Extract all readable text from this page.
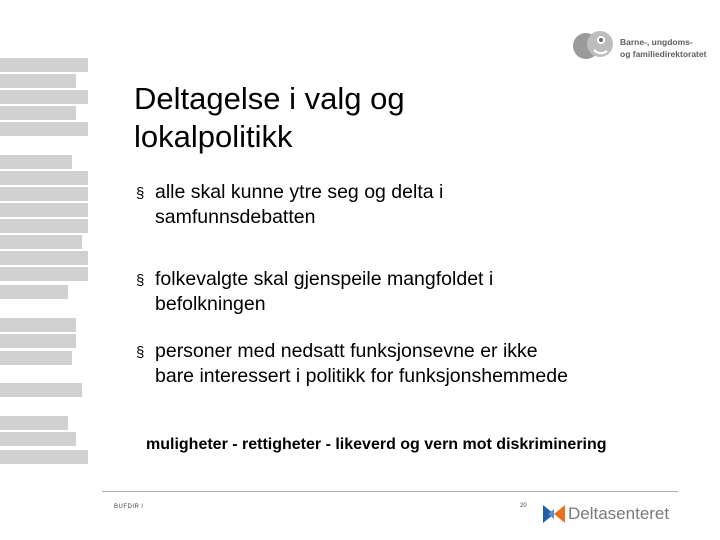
Barne-, ungdoms-
og familiedirektoratet
Deltagelse i valg og
lokalpolitikk
§ alle skal kunne ytre seg og delta i
samfunnsdebatten
§ folkevalgte skal gjenspeile mangfoldet i
befolkningen
§ personer med nedsatt funksjonsevne er ikke
bare interessert i politikk for funksjonshemmede
muligheter - rettigheter - likeverd og vern mot diskriminering
BUFDIR /	20 Deltasenteret
